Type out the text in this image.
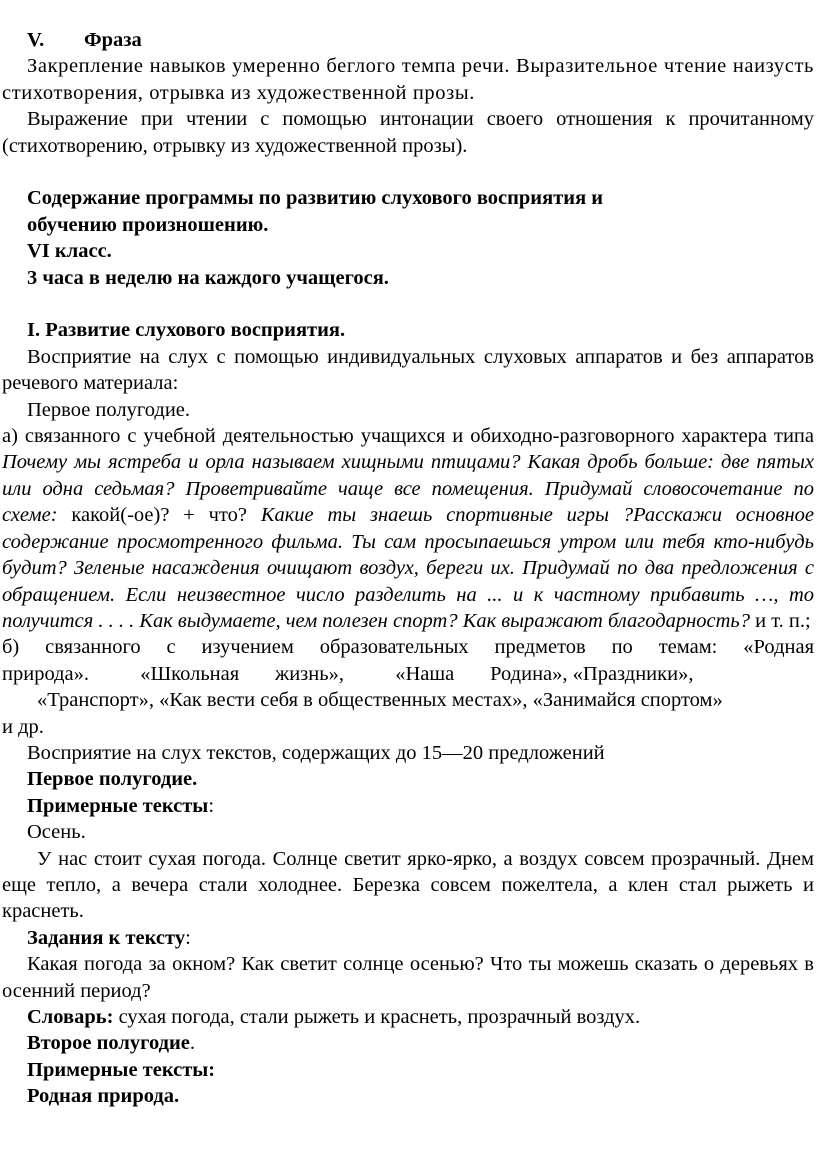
V. Фраза

Закрепление навыков умеренно беглого темпа речи. Выразительное чтение наизусть стихотворения, отрывка из художественной прозы.

Выражение при чтении с помощью интонации своего отношения к прочитанному (стихотворению, отрывку из художественной прозы).

Содержание программы по развитию слухового восприятия и

обучению произношению.

VI класс.

3 часа в неделю на каждого учащегося.

I. Развитие слухового восприятия.

Восприятие на слух с помощью индивидуальных слуховых аппаратов и без аппаратов речевого материала:

Первое полугодие.

а) связанного с учебной деятельностью учащихся и обиходно-разговорного характера типа Почему мы ястреба и орла называем хищными птицами? Какая дробь больше: две пятых или одна седьмая? Проветривайте чаще все помещения. Придумай словосочетание по схеме: какой(-ое)? + что? Какие ты знаешь спортивные игры ?Расскажи основное содержание просмотренного фильма. Ты сам просыпаешься утром или тебя кто-нибудь будит? Зеленые насаждения очищают воздух, береги их. Придумай по два предложения с обращением. Если неизвестное число разделить на ... и к частному прибавить …, то получится . . . . Как выдумаете, чем полезен спорт? Как выражают благодарность? и т. п.;

б) связанного с изучением образовательных предметов по темам: «Родная

природа».          «Школьная       жизнь»,          «Наша       Родина», «Праздники»,

«Транспорт», «Как вести себя в общественных местах», «Занимайся спортом»

и др.

Восприятие на слух текстов, содержащих до 15—20 предложений

Первое полугодие.

Примерные тексты:

Осень.

У нас стоит сухая погода. Солнце светит ярко-ярко, а воздух совсем прозрачный. Днем еще тепло, а вечера стали холоднее. Березка совсем пожелтела, а клен стал рыжеть и краснеть.

Задания к тексту:

Какая погода за окном? Как светит солнце осенью? Что ты можешь сказать о деревьях в осенний период?

Словарь: сухая погода, стали рыжеть и краснеть, прозрачный воздух.

Второе полугодие.

Примерные тексты:

Родная природа.
